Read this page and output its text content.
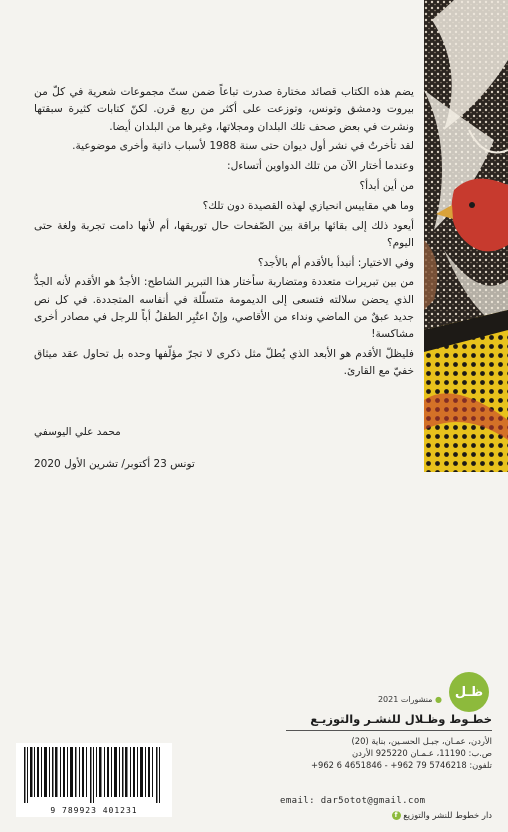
يضم هذه الكتاب قصائد مختارة صدرت تباعاً ضمن ستّ مجموعات شعرية في كلّ من بيروت ودمشق وتونس، وتوزعت على أكثر من ربع قرن. لكنّ كتابات كثيرة سبقتها ونشرت في بعض صحف تلك البلدان ومجلاتها، وغيرها من البلدان أيضا.

لقد تأخرتُ في نشر أول ديوان حتى سنة 1988 لأسباب ذاتية وأخرى موضوعية.

وعندما أختار الآن من تلك الدواوين أتساءل:

من أين أبدأ؟

وما هي مقاييس انحيازي لهذه القصيدة دون تلك؟

أيعود ذلك إلى بقائها براقة بين الصّفحات حال توريقها، أم لأنها دامت تجربة ولغة حتى اليوم؟

وفي الاختيار: أنبدأ بالأقدم أم بالأجد؟

من بين تبريرات متعددة ومتضاربة سأختار هذا التبرير الشاطح: الأجدُ هو الأقدم لأنه الجدُّ الذي يحضن سلالته فتسعى إلى الديمومة متسلّلة في أنفاسه المتجددة. في كل نص جديد عبقٌ من الماضي ونداء من الأقاصي، وإنْ اعتُبِر الطفلُ أباً للرجل في مصادر أخرى مشاكسة!

فليظلّ الأقدم هو الأبعد الذي يُطلّ مثل ذكرى لا تجرّ مؤلّفها وحده بل تحاول عقد ميثاق خفيّ مع القارئ.

محمد علي اليوسفي
تونس 23 أكتوبر/ تشرين الأول 2020
ظـل
● منشورات 2021
خطـوط وظـلال للنشـر والتوزيـع
الأردن، عمـان، جبـل الحسـين، بناية (20)
ص.ب: 11190، عـمـان 925220 الأردن
تلفون: 5746218 79 962+ - 4651846 6 962+
email: dar5otot@gmail.com
دار خطوط للنشر والتوزيع f
9 789923 401231
